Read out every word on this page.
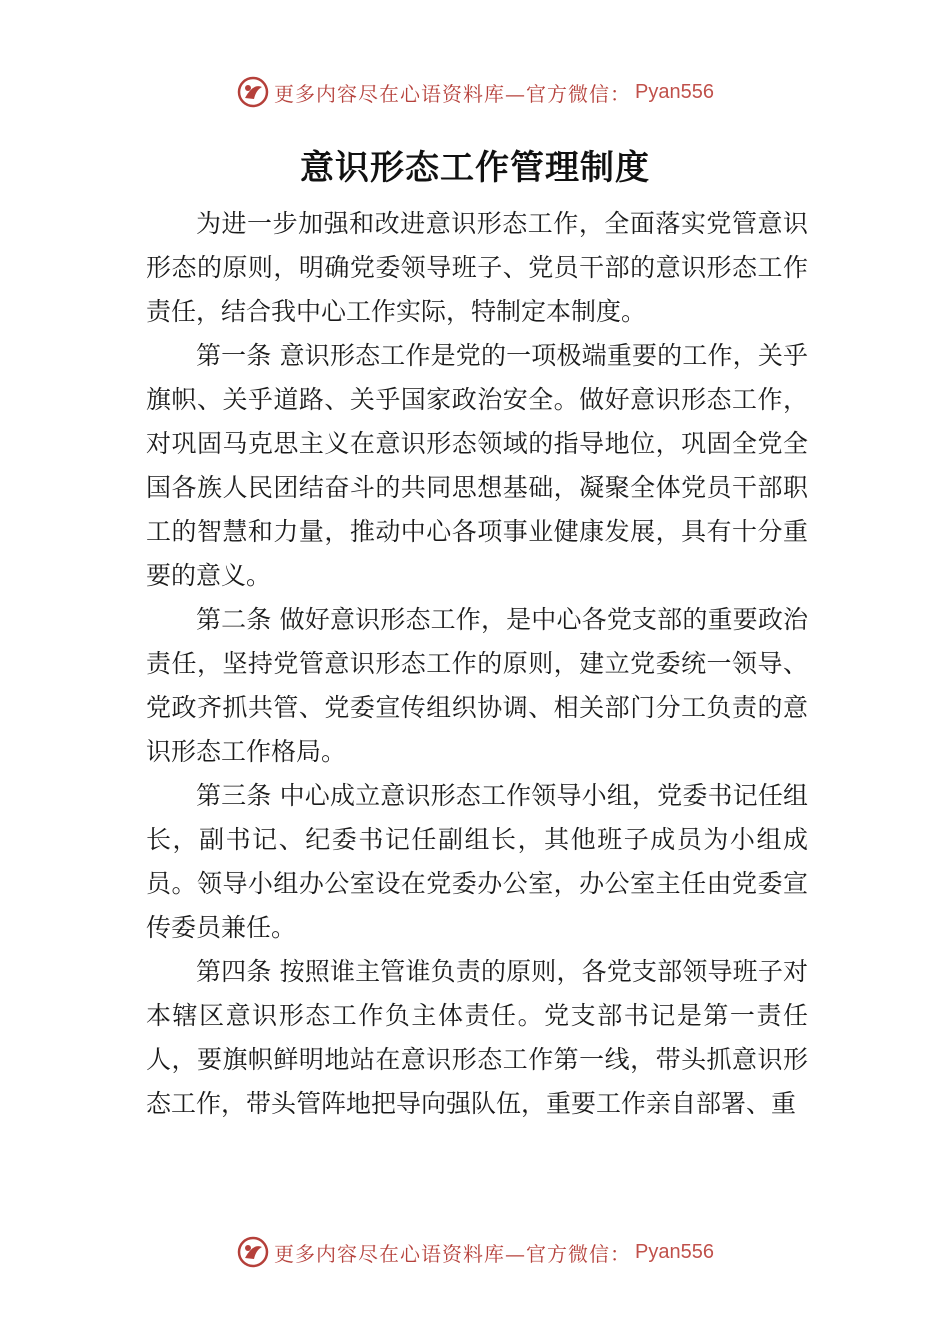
更多内容尽在心语资料库—官方微信： Pyan556
意识形态工作管理制度

为进一步加强和改进意识形态工作，全面落实党管意识形态的原则，明确党委领导班子、党员干部的意识形态工作责任，结合我中心工作实际，特制定本制度。

第一条 意识形态工作是党的一项极端重要的工作，关乎旗帜、关乎道路、关乎国家政治安全。做好意识形态工作，对巩固马克思主义在意识形态领域的指导地位，巩固全党全国各族人民团结奋斗的共同思想基础，凝聚全体党员干部职工的智慧和力量，推动中心各项事业健康发展，具有十分重要的意义。

第二条 做好意识形态工作，是中心各党支部的重要政治责任，坚持党管意识形态工作的原则，建立党委统一领导、党政齐抓共管、党委宣传组织协调、相关部门分工负责的意识形态工作格局。

第三条 中心成立意识形态工作领导小组，党委书记任组长，副书记、纪委书记任副组长，其他班子成员为小组成员。领导小组办公室设在党委办公室，办公室主任由党委宣传委员兼任。

第四条 按照谁主管谁负责的原则，各党支部领导班子对本辖区意识形态工作负主体责任。党支部书记是第一责任人，要旗帜鲜明地站在意识形态工作第一线，带头抓意识形态工作，带头管阵地把导向强队伍，重要工作亲自部署、重

更多内容尽在心语资料库—官方微信： Pyan556
